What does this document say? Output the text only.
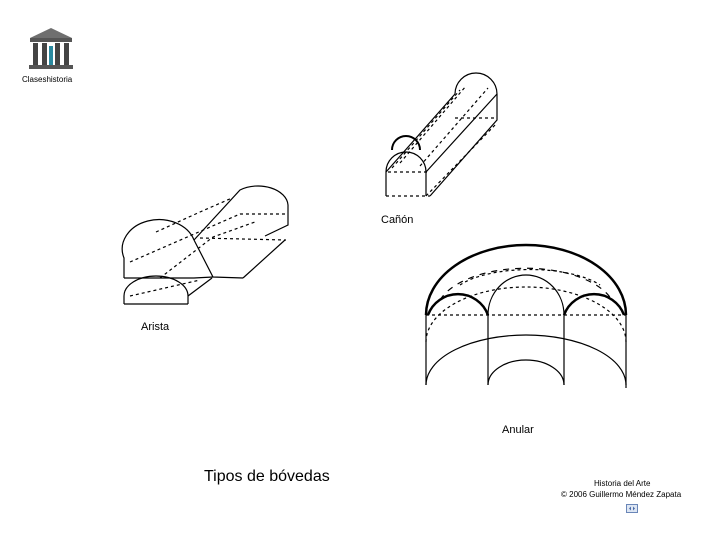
Claseshistoria
Cañón
Arista
Anular
Tipos de bóvedas	Historia del Arte
© 2006 Guillermo Méndez Zapata
